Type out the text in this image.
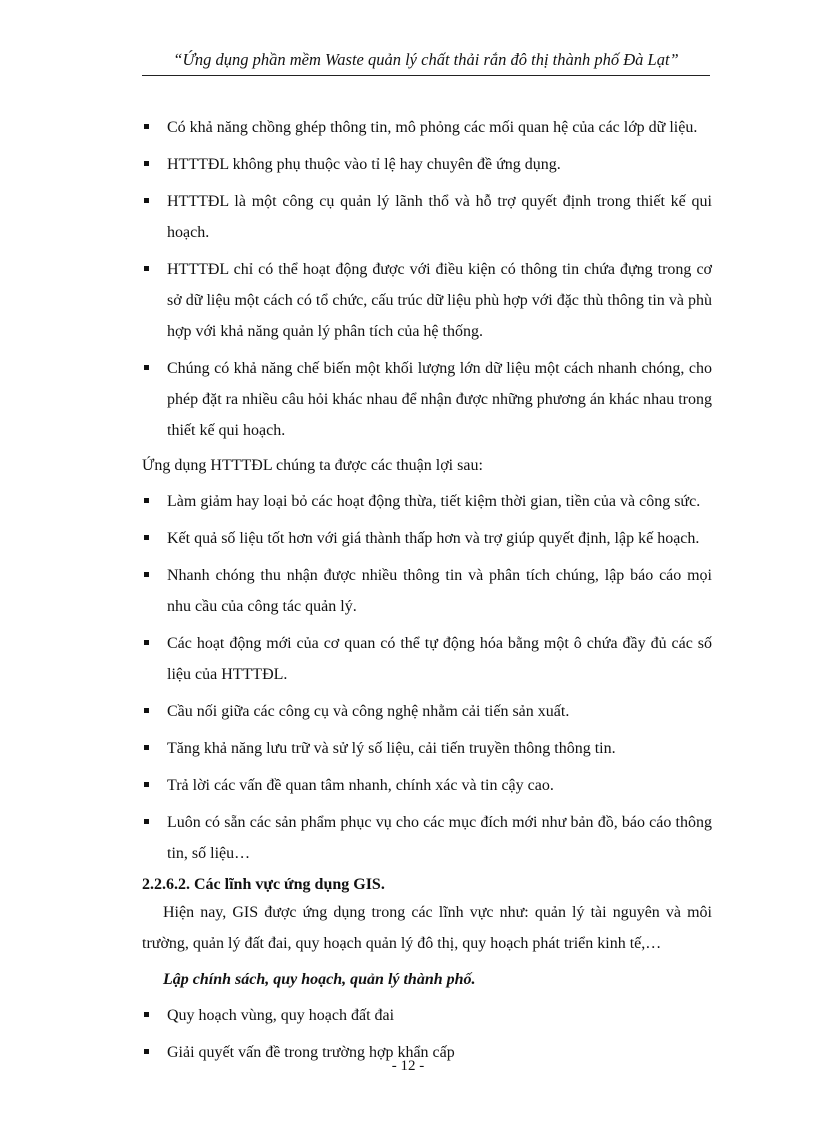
“Ứng dụng phần mềm Waste quản lý chất thải rắn đô thị thành phố Đà Lạt”
Có khả năng chồng ghép thông tin, mô phỏng các mối quan hệ của các lớp dữ liệu.
HTTTĐL không phụ thuộc vào tỉ lệ hay chuyên đề ứng dụng.
HTTTĐL là một công cụ quản lý lãnh thổ và hỗ trợ quyết định trong thiết kế qui hoạch.
HTTTĐL chỉ có thể hoạt động được với điều kiện có thông tin chứa đựng trong cơ sở dữ liệu một cách có tổ chức, cấu trúc dữ liệu phù hợp với đặc thù thông tin và phù hợp với khả năng quản lý phân tích của hệ thống.
Chúng có khả năng chế biến một khối lượng lớn dữ liệu một cách nhanh chóng, cho phép đặt ra nhiều câu hỏi khác nhau để nhận được những phương án khác nhau trong thiết kế qui hoạch.
Ứng dụng HTTTĐL chúng ta được các thuận lợi sau:
Làm giảm hay loại bỏ các hoạt động thừa, tiết kiệm thời gian, tiền của và công sức.
Kết quả số liệu tốt hơn với giá thành thấp hơn và trợ giúp quyết định, lập kế hoạch.
Nhanh chóng thu nhận được nhiều thông tin và phân tích chúng, lập báo cáo mọi nhu cầu của công tác quản lý.
Các hoạt động mới của cơ quan có thể tự động hóa bằng một ô chứa đầy đủ các số liệu của HTTTĐL.
Cầu nối giữa các công cụ và công nghệ nhằm cải tiến sản xuất.
Tăng khả năng lưu trữ và sử lý số liệu, cải tiến truyền thông thông tin.
Trả lời các vấn đề quan tâm nhanh, chính xác và tin cậy cao.
Luôn có sẵn các sản phẩm phục vụ cho các mục đích mới như bản đồ, báo cáo thông tin, số liệu…
2.2.6.2. Các lĩnh vực ứng dụng GIS.
Hiện nay, GIS được ứng dụng trong các lĩnh vực như: quản lý tài nguyên và môi trường, quản lý đất đai, quy hoạch quản lý đô thị, quy hoạch phát triển kinh tế,…
Lập chính sách, quy hoạch, quản lý thành phố.
Quy hoạch vùng, quy hoạch đất đai
Giải quyết vấn đề trong trường hợp khẩn cấp
- 12 -
